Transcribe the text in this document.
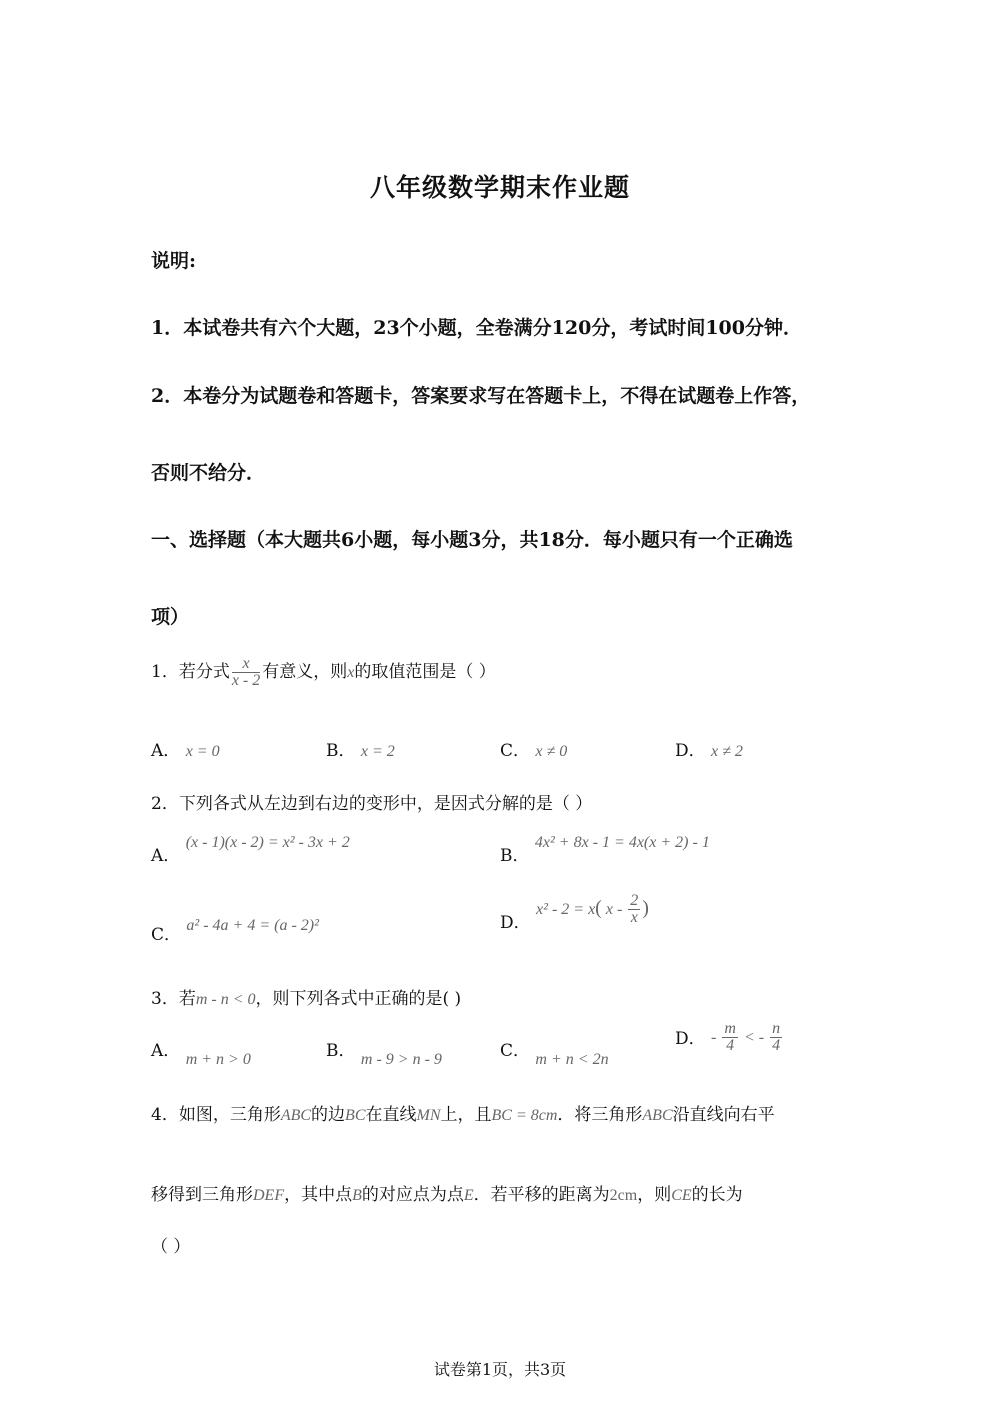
八年级数学期末作业题
说明:
1．本试卷共有六个大题，23个小题，全卷满分120分，考试时间100分钟．
2．本卷分为试题卷和答题卡，答案要求写在答题卡上，不得在试题卷上作答，
否则不给分．
一、选择题（本大题共6小题，每小题3分，共18分．每小题只有一个正确选
项）
1．若分式 $\frac{x}{x - 2}$ 有意义，则x的取值范围是（ ）
A． x = 0	B． x = 2	C． x ≠ 0	D． x ≠ 2
2．下列各式从左边到右边的变形中，是因式分解的是（ ）
A． (x - 1)(x - 2) = x² - 3x + 2
B． 4x² + 8x - 1 = 4x(x + 2) - 1
C． a² - 4a + 4 = (a - 2)²	D． x² - 2 = x( x - $\frac{2}{x}$ )
3．若m - n < 0，则下列各式中正确的是( )
A． m + n > 0	B． m - 9 > n - 9	C． m + n < 2n
D． - $\frac{m}{4}$ < - $\frac{n}{4}$
4．如图，三角形ABC的边BC在直线MN上，且BC = 8cm．将三角形ABC沿直线向右平
移得到三角形DEF，其中点B的对应点为点E．若平移的距离为2cm，则CE的长为
（ ）
试卷第1页，共3页
